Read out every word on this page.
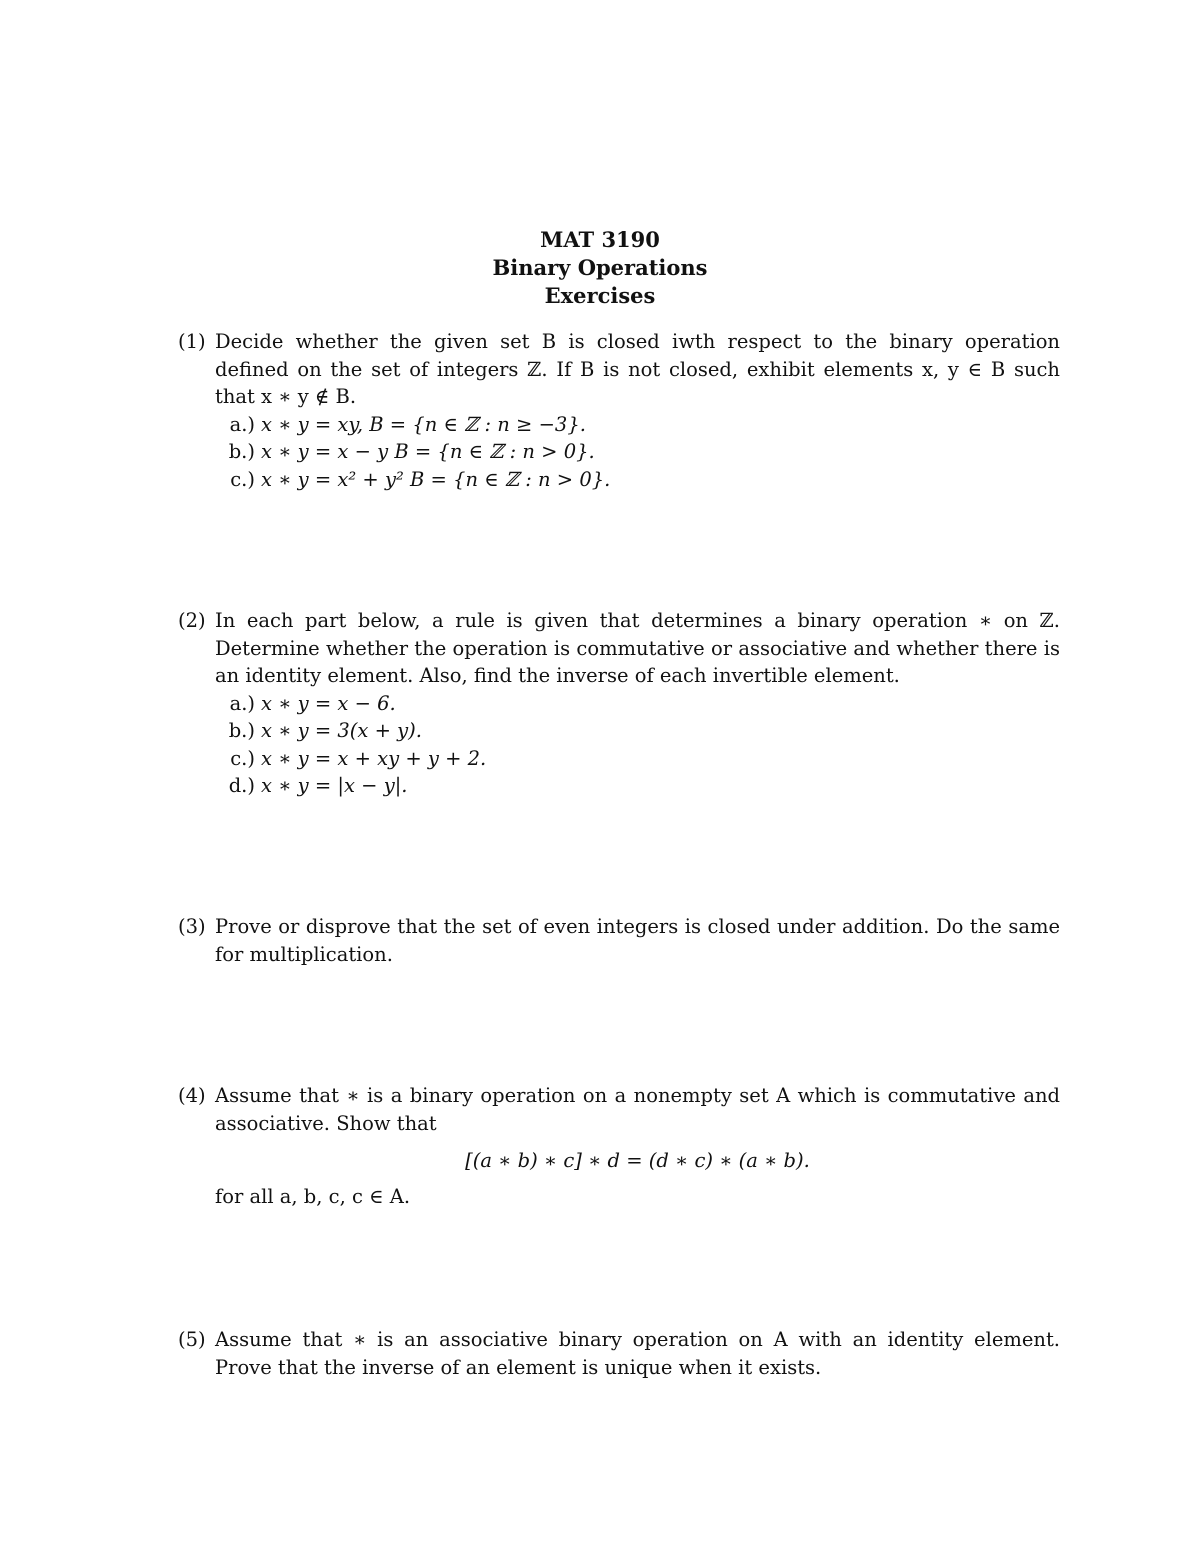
MAT 3190
Binary Operations
Exercises
(1) Decide whether the given set B is closed iwth respect to the binary operation defined on the set of integers ℤ. If B is not closed, exhibit elements x, y ∈ B such that x ∗ y ∉ B.
a.) x ∗ y = xy, B = {n ∈ ℤ : n ≥ −3}.
b.) x ∗ y = x − y B = {n ∈ ℤ : n > 0}.
c.) x ∗ y = x² + y² B = {n ∈ ℤ : n > 0}.
(2) In each part below, a rule is given that determines a binary operation ∗ on ℤ. Determine whether the operation is commutative or associative and whether there is an identity element. Also, find the inverse of each invertible element.
a.) x ∗ y = x − 6.
b.) x ∗ y = 3(x + y).
c.) x ∗ y = x + xy + y + 2.
d.) x ∗ y = |x − y|.
(3) Prove or disprove that the set of even integers is closed under addition. Do the same for multiplication.
(4) Assume that ∗ is a binary operation on a nonempty set A which is commutative and associative. Show that
[(a ∗ b) ∗ c] ∗ d = (d ∗ c) ∗ (a ∗ b).
for all a, b, c, c ∈ A.
(5) Assume that ∗ is an associative binary operation on A with an identity element. Prove that the inverse of an element is unique when it exists.
